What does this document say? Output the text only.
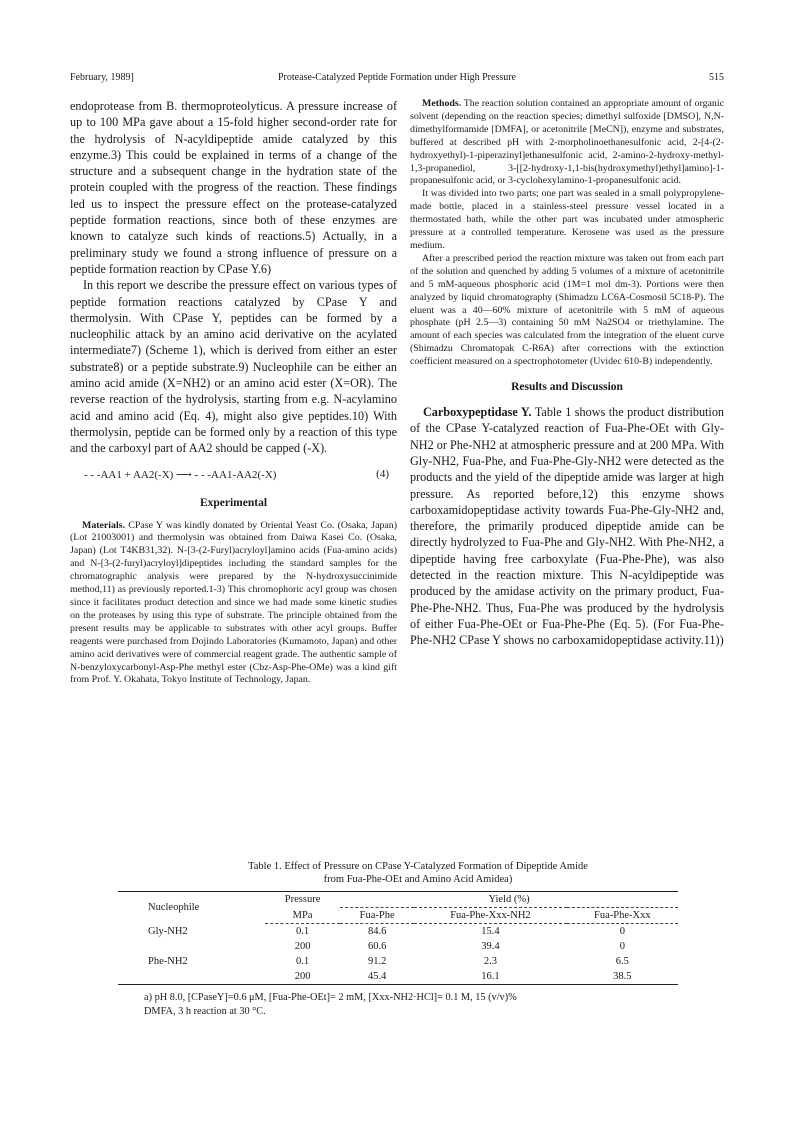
February, 1989]	Protease-Catalyzed Peptide Formation under High Pressure	515

endoprotease from B. thermoproteolyticus. A pressure increase of up to 100 MPa gave about a 15-fold higher second-order rate for the hydrolysis of N-acyldipeptide amide catalyzed by this enzyme.3) This could be explained in terms of a change of the structure and a subsequent change in the hydration state of the protein coupled with the progress of the reaction. These findings led us to inspect the pressure effect on the protease-catalyzed peptide formation reactions, since both of these enzymes are known to catalyze such kinds of reactions.5) Actually, in a preliminary study we found a strong influence of pressure on a peptide formation reaction by CPase Y.6)

In this report we describe the pressure effect on various types of peptide formation reactions catalyzed by CPase Y and thermolysin. With CPase Y, peptides can be formed by a nucleophilic attack by an amino acid derivative on the acylated intermediate7) (Scheme 1), which is derived from either an ester substrate8) or a peptide substrate.9) Nucleophile can be either an amino acid amide (X=NH2) or an amino acid ester (X=OR). The reverse reaction of the hydrolysis, starting from e.g. N-acylamino acid and amino acid (Eq. 4), might also give peptides.10) With thermolysin, peptide can be formed only by a reaction of this type and the carboxyl part of AA2 should be capped (-X).

- - -AA1 + AA2(-X) ⟶ - - -AA1-AA2(-X)	(4)
Experimental

Materials. CPase Y was kindly donated by Oriental Yeast Co. (Osaka, Japan) (Lot 21003001) and thermolysin was obtained from Daiwa Kasei Co. (Osaka, Japan) (Lot T4KB31,32). N-[3-(2-Furyl)acryloyl]amino acids (Fua-amino acids) and N-[3-(2-furyl)acryloyl]dipeptides including the standard samples for the chromatographic analysis were prepared by the N-hydroxysuccinimide method,11) as previously reported.1-3) This chromophoric acyl group was chosen since it facilitates product detection and since we had made some kinetic studies on the proteases by using this type of substrate. The principle obtained from the present results may be applicable to substrates with other acyl groups. Buffer reagents were purchased from Dojindo Laboratories (Kumamoto, Japan) and other amino acid derivatives were of commercial reagent grade. The authentic sample of N-benzyloxycarbonyl-Asp-Phe methyl ester (Cbz-Asp-Phe-OMe) was a kind gift from Prof. Y. Okahata, Tokyo Institute of Technology, Japan.

Methods. The reaction solution contained an appropriate amount of organic solvent (depending on the reaction species; dimethyl sulfoxide [DMSO], N,N-dimethylformamide [DMFA], or acetonitrile [MeCN]), enzyme and substrates, buffered at described pH with 2-morpholinoethanesulfonic acid, 2-[4-(2-hydroxyethyl)-1-piperazinyl]ethanesulfonic acid, 2-amino-2-hydroxy-methyl-1,3-propanediol, 3-[[2-hydroxy-1,1-bis(hydroxymethyl)ethyl]amino]-1-propanesulfonic acid, or 3-cyclohexylamino-1-propanesulfonic acid.

It was divided into two parts; one part was sealed in a small polypropylene-made bottle, placed in a stainless-steel pressure vessel located in a thermostated bath, while the other part was incubated under atmospheric pressure at a controlled temperature. Kerosene was used as the pressure medium.

After a prescribed period the reaction mixture was taken out from each part of the solution and quenched by adding 5 volumes of a mixture of acetonitrile and 5 mM-aqueous phosphoric acid (1M=1 mol dm-3). Portions were then analyzed by liquid chromatography (Shimadzu LC6A-Cosmosil 5C18-P). The eluent was a 40—60% mixture of acetonitrile with 5 mM of aqueous phosphate (pH 2.5—3) containing 50 mM Na2SO4 or triethylamine. The amount of each species was calculated from the integration of the eluent curve (Shimadzu Chromatopak C-R6A) after corrections with the extinction coefficient measured on a spectrophotometer (Uvidec 610-B) independently.

Results and Discussion

Carboxypeptidase Y. Table 1 shows the product distribution of the CPase Y-catalyzed reaction of Fua-Phe-OEt with Gly-NH2 or Phe-NH2 at atmospheric pressure and at 200 MPa. With Gly-NH2, Fua-Phe, and Fua-Phe-Gly-NH2 were detected as the products and the yield of the dipeptide amide was larger at high pressure. As reported before,12) this enzyme shows carboxamidopeptidase activity towards Fua-Phe-Gly-NH2 and, therefore, the primarily produced dipeptide amide can be directly hydrolyzed to Fua-Phe and Gly-NH2. With Phe-NH2, a dipeptide having free carboxylate (Fua-Phe-Phe), was also detected in the reaction mixture. This N-acyldipeptide was produced by the amidase activity on the primary product, Fua-Phe-Phe-NH2. Thus, Fua-Phe was produced by the hydrolysis of either Fua-Phe-OEt or Fua-Phe-Phe (Eq. 5). (For Fua-Phe-Phe-NH2 CPase Y shows no carboxamidopeptidase activity.11))

Table 1. Effect of Pressure on CPase Y-Catalyzed Formation of Dipeptide Amide
from Fua-Phe-OEt and Amino Acid Amidea)

Nucleophile	Pressure	Yield (%)		
	MPa	Fua-Phe	Fua-Phe-Xxx-NH2	Fua-Phe-Xxx
Gly-NH2	0.1	84.6	15.4	0
	200	60.6	39.4	0
Phe-NH2	0.1	91.2	2.3	6.5
	200	45.4	16.1	38.5

a) pH 8.0, [CPaseY]=0.6 μM, [Fua-Phe-OEt]= 2 mM, [Xxx-NH2·HCl]= 0.1 M, 15 (v/v)%
DMFA, 3 h reaction at 30 °C.
